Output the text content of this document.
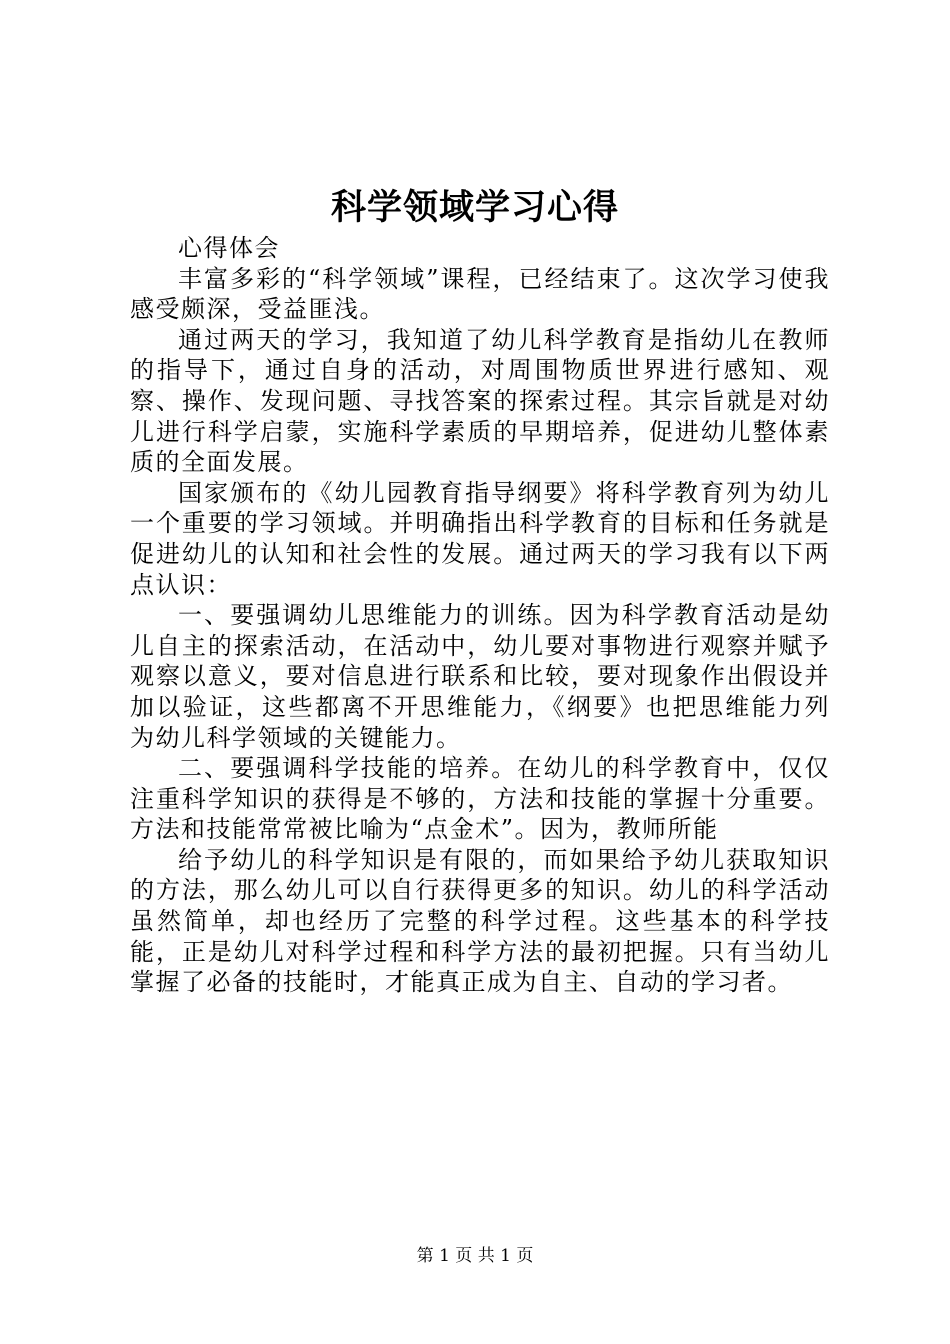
科学领域学习心得

心得体会

丰富多彩的“科学领域”课程，已经结束了。这次学习使我感受颇深，受益匪浅。

通过两天的学习，我知道了幼儿科学教育是指幼儿在教师的指导下，通过自身的活动，对周围物质世界进行感知、观察、操作、发现问题、寻找答案的探索过程。其宗旨就是对幼儿进行科学启蒙，实施科学素质的早期培养，促进幼儿整体素质的全面发展。

国家颁布的《幼儿园教育指导纲要》将科学教育列为幼儿一个重要的学习领域。并明确指出科学教育的目标和任务就是促进幼儿的认知和社会性的发展。通过两天的学习我有以下两点认识：

一、要强调幼儿思维能力的训练。因为科学教育活动是幼儿自主的探索活动，在活动中，幼儿要对事物进行观察并赋予观察以意义，要对信息进行联系和比较，要对现象作出假设并加以验证，这些都离不开思维能力，《纲要》也把思维能力列为幼儿科学领域的关键能力。

二、要强调科学技能的培养。在幼儿的科学教育中，仅仅注重科学知识的获得是不够的，方法和技能的掌握十分重要。方法和技能常常被比喻为“点金术”。因为，教师所能

给予幼儿的科学知识是有限的，而如果给予幼儿获取知识的方法，那么幼儿可以自行获得更多的知识。幼儿的科学活动虽然简单，却也经历了完整的科学过程。这些基本的科学技能，正是幼儿对科学过程和科学方法的最初把握。只有当幼儿掌握了必备的技能时，才能真正成为自主、自动的学习者。

第 1 页 共 1 页
